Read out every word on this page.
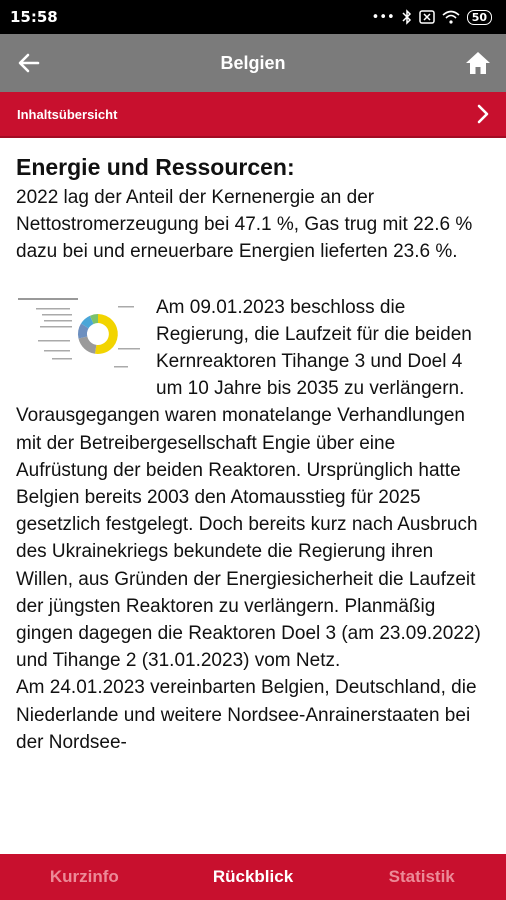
15:58	•••	50
Belgien
Inhaltsübersicht
Energie und Ressourcen:

2022 lag der Anteil der Kernenergie an der Nettostromerzeugung bei 47.1 %, Gas trug mit 22.6 % dazu bei und erneuerbare Energien lieferten 23.6 %.

Am 09.01.2023 beschloss die Regierung, die Laufzeit für die beiden Kernreaktoren Tihange 3 und Doel 4 um 10 Jahre bis 2035 zu verlängern. Vorausgegangen waren monatelange Verhandlungen mit der Betreibergesellschaft Engie über eine Aufrüstung der beiden Reaktoren. Ursprünglich hatte Belgien bereits 2003 den Atomausstieg für 2025 gesetzlich festgelegt. Doch bereits kurz nach Ausbruch des Ukrainekriegs bekundete die Regierung ihren Willen, aus Gründen der Energiesicherheit die Laufzeit der jüngsten Reaktoren zu verlängern. Planmäßig gingen dagegen die Reaktoren Doel 3 (am 23.09.2022) und Tihange 2 (31.01.2023) vom Netz.

Am 24.01.2023 vereinbarten Belgien, Deutschland, die Niederlande und weitere Nordsee-Anrainerstaaten bei der Nordsee-

Kurzinfo	Rückblick	Statistik
